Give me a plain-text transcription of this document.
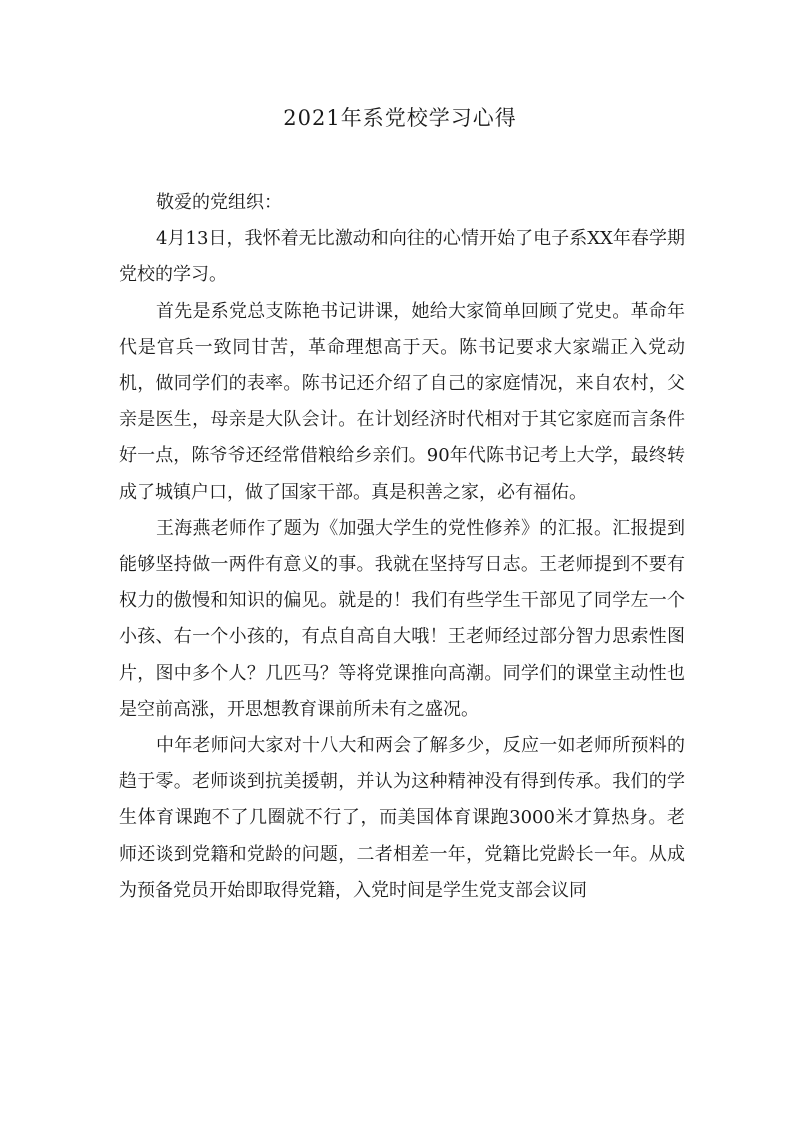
2021年系党校学习心得

敬爱的党组织：

4月13日，我怀着无比激动和向往的心情开始了电子系XX年春学期党校的学习。

首先是系党总支陈艳书记讲课，她给大家简单回顾了党史。革命年代是官兵一致同甘苦，革命理想高于天。陈书记要求大家端正入党动机，做同学们的表率。陈书记还介绍了自己的家庭情况，来自农村，父亲是医生，母亲是大队会计。在计划经济时代相对于其它家庭而言条件好一点，陈爷爷还经常借粮给乡亲们。90年代陈书记考上大学，最终转成了城镇户口，做了国家干部。真是积善之家，必有福佑。

王海燕老师作了题为《加强大学生的党性修养》的汇报。汇报提到能够坚持做一两件有意义的事。我就在坚持写日志。王老师提到不要有权力的傲慢和知识的偏见。就是的！我们有些学生干部见了同学左一个小孩、右一个小孩的，有点自高自大哦！王老师经过部分智力思索性图片，图中多个人？几匹马？等将党课推向高潮。同学们的课堂主动性也是空前高涨，开思想教育课前所未有之盛况。

中年老师问大家对十八大和两会了解多少，反应一如老师所预料的趋于零。老师谈到抗美援朝，并认为这种精神没有得到传承。我们的学生体育课跑不了几圈就不行了，而美国体育课跑3000米才算热身。老师还谈到党籍和党龄的问题，二者相差一年，党籍比党龄长一年。从成为预备党员开始即取得党籍，入党时间是学生党支部会议同
